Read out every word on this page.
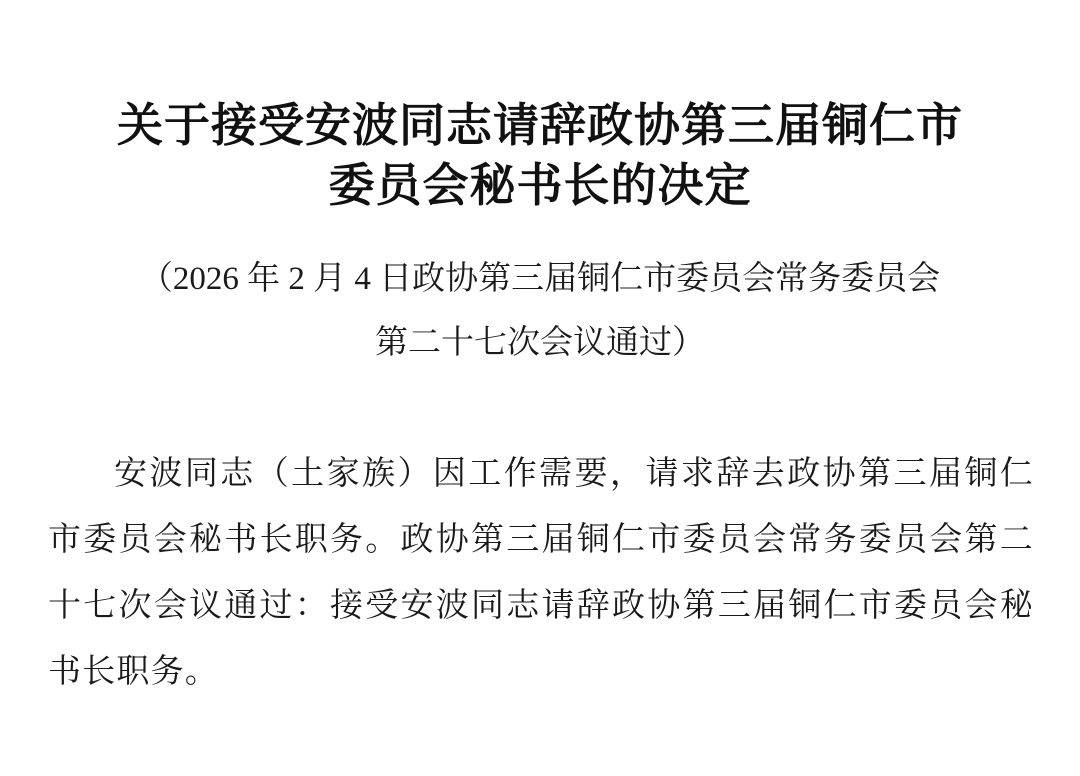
关于接受安波同志请辞政协第三届铜仁市
委员会秘书长的决定
（2026 年 2 月 4 日政协第三届铜仁市委员会常务委员会
第二十七次会议通过）

安波同志（土家族）因工作需要，请求辞去政协第三届铜仁市委员会秘书长职务。政协第三届铜仁市委员会常务委员会第二十七次会议通过：接受安波同志请辞政协第三届铜仁市委员会秘书长职务。
